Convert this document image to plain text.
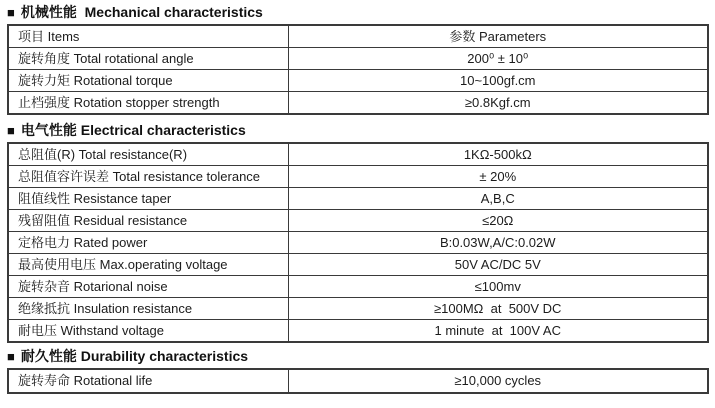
■ 机械性能  Mechanical characteristics
项目 Items	参数 Parameters
旋转角度 Total rotational angle	200⁰ ± 10⁰
旋转力矩 Rotational torque	10~100gf.cm
止档强度 Rotation stopper strength	≥0.8Kgf.cm
■ 电气性能 Electrical characteristics
总阻值(R) Total resistance(R)	1KΩ-500kΩ
总阻值容许误差 Total resistance tolerance	± 20%
阻值线性 Resistance taper	A,B,C
残留阻值 Residual resistance	≤20Ω
定格电力 Rated power	B:0.03W,A/C:0.02W
最高使用电压 Max.operating voltage	50V AC/DC 5V
旋转杂音 Rotarional noise	≤100mv
绝缘抵抗 Insulation resistance	≥100MΩ  at  500V DC
耐电压 Withstand voltage	1 minute  at  100V AC
■ 耐久性能 Durability characteristics
旋转寿命 Rotational life	≥10,000 cycles
